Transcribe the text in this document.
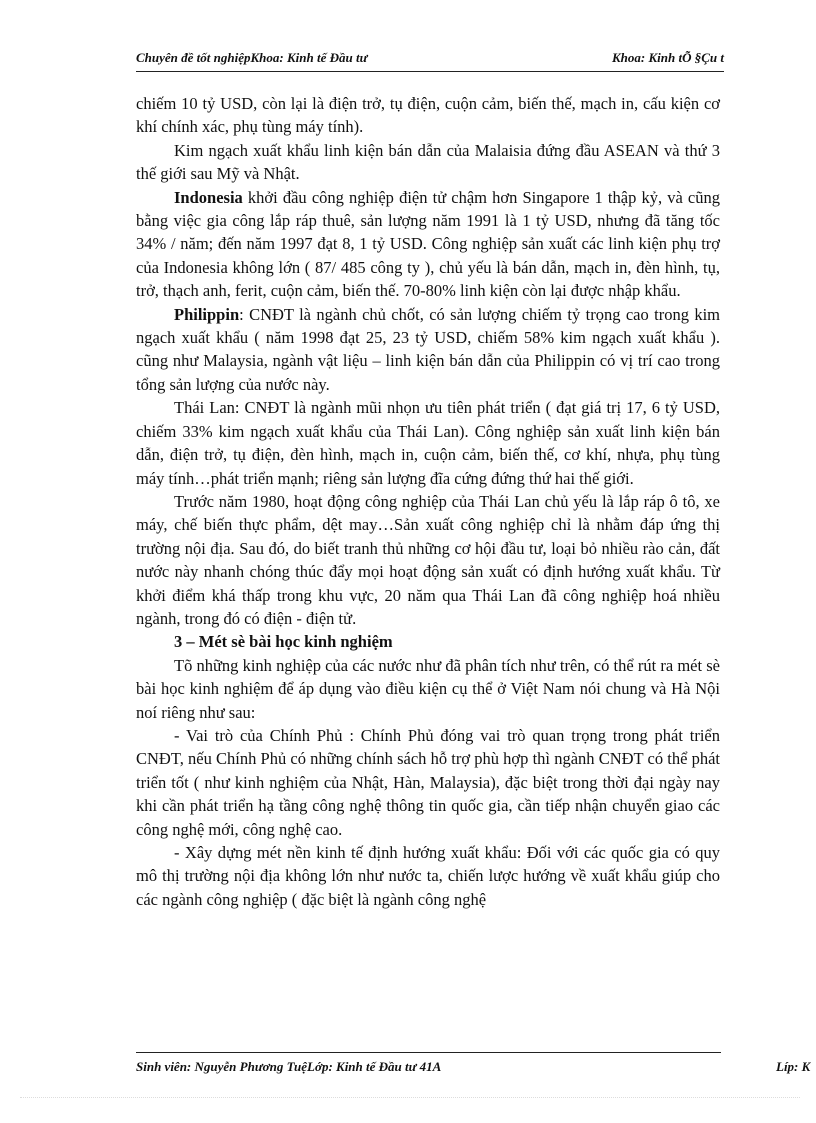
Chuyên đề tốt nghiệpKhoa: Kinh tế Đầu tư	Khoa: Kinh tÕ §Çu t

chiếm 10 tỷ USD, còn lại là điện trở, tụ điện, cuộn cảm, biến thế, mạch in, cấu kiện cơ khí chính xác, phụ tùng máy tính).

Kim ngạch xuất khẩu linh kiện bán dẫn của Malaisia đứng đầu ASEAN và thứ 3 thế giới sau Mỹ và Nhật.

Indonesia khởi đầu công nghiệp điện tử chậm hơn Singapore 1 thập kỷ, và cũng bằng việc gia công lắp ráp thuê, sản lượng năm 1991 là 1 tỷ USD, nhưng đã tăng tốc 34% / năm; đến năm 1997 đạt 8, 1 tỷ USD. Công nghiệp sản xuất các linh kiện phụ trợ của Indonesia không lớn ( 87/ 485 công ty ), chủ yếu là bán dẫn, mạch in, đèn hình, tụ, trở, thạch anh, ferit, cuộn cảm, biến thế. 70-80% linh kiện còn lại được nhập khẩu.

Philippin: CNĐT là ngành chủ chốt, có sản lượng chiếm tỷ trọng cao trong kim ngạch xuất khẩu ( năm 1998 đạt 25, 23 tỷ USD, chiếm 58% kim ngạch xuất khẩu ). cũng như Malaysia, ngành vật liệu – linh kiện bán dẫn của Philippin có vị trí cao trong tổng sản lượng của nước này.

Thái Lan: CNĐT là ngành mũi nhọn ưu tiên phát triển ( đạt giá trị 17, 6 tỷ USD, chiếm 33% kim ngạch xuất khẩu của Thái Lan). Công nghiệp sản xuất linh kiện bán dẫn, điện trở, tụ điện, đèn hình, mạch in, cuộn cảm, biến thế, cơ khí, nhựa, phụ tùng máy tính…phát triển mạnh; riêng sản lượng đĩa cứng đứng thứ hai thế giới.

Trước năm 1980, hoạt động công nghiệp của Thái Lan chủ yếu là lắp ráp ô tô, xe máy, chế biến thực phẩm, dệt may…Sản xuất công nghiệp chỉ là nhằm đáp ứng thị trường nội địa. Sau đó, do biết tranh thủ những cơ hội đầu tư, loại bỏ nhiều rào cản, đất nước này nhanh chóng thúc đẩy mọi hoạt động sản xuất có định hướng xuất khẩu. Từ khởi điểm khá thấp trong khu vực, 20 năm qua Thái Lan đã công nghiệp hoá nhiều ngành, trong đó có điện - điện tử.

3 – Mét sè bài học kinh nghiệm

Tõ những kinh nghiệp của các nước như đã phân tích như trên, có thể rút ra mét sè bài học kinh nghiệm để áp dụng vào điều kiện cụ thể ở Việt Nam nói chung và Hà Nội noí riêng như sau:

- Vai trò của Chính Phủ : Chính Phủ đóng vai trò quan trọng trong phát triển CNĐT, nếu Chính Phủ có những chính sách hỗ trợ phù hợp thì ngành CNĐT có thể phát triển tốt ( như kinh nghiệm của Nhật, Hàn, Malaysia), đặc biệt trong thời đại ngày nay khi cần phát triển hạ tầng công nghệ thông tin quốc gia, cần tiếp nhận chuyển giao các công nghệ mới, công nghệ cao.

- Xây dựng mét nền kinh tế định hướng xuất khẩu: Đối với các quốc gia có quy mô thị trường nội địa không lớn như nước ta, chiến lược hướng về xuất khẩu giúp cho các ngành công nghiệp ( đặc biệt là ngành công nghệ

Sinh viên: Nguyễn Phương TuệLớp: Kinh tế Đầu tư 41A	Líp: K
